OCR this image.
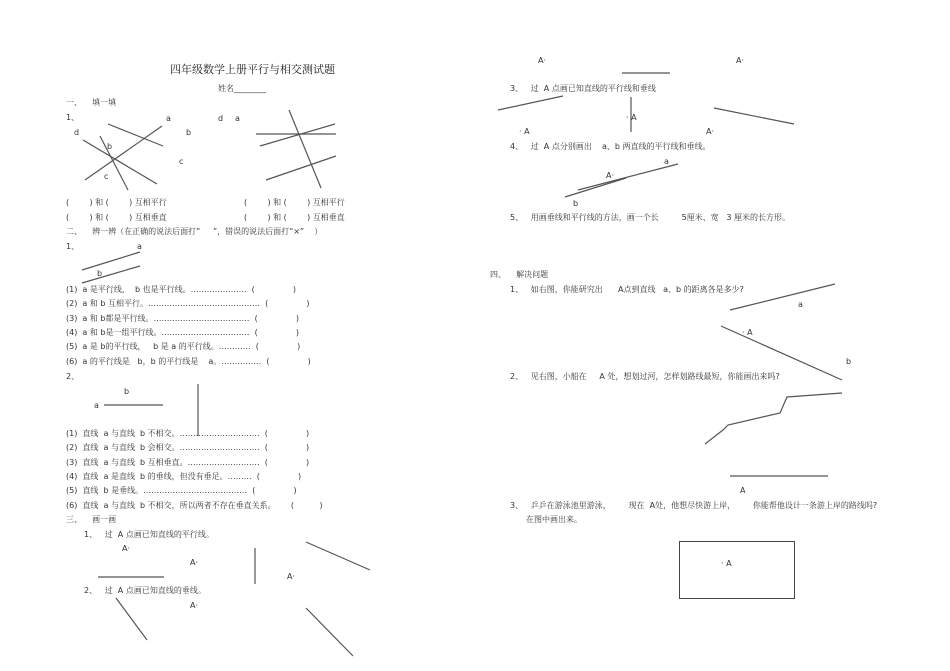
四年级数学上册平行与相交测试题
姓名________
一、    填一填
1、	a
d	b
b
c
c
d a
(        ) 和 (        ) 互相平行	(        ) 和 (        ) 互相平行
(        ) 和 (        ) 互相垂直	(        ) 和 (        ) 互相垂直
二、    辨一辨（在正确的说法后面打“     ”，错误的说法后面打“×”    ）
1、	a
b
(1)  a 是平行线，  b 也是平行线。…………………  (               )
(2)  a 和 b 互相平行。……………………………………  (               )
(3)  a 和 b都是平行线。………………………………  (               )
(4)  a 和 b是一组平行线。……………………………  (               )
(5)  a 是 b的平行线，   b 是 a 的平行线。…………  (               )
(6)  a 的平行线是   b，b 的平行线是    a。……………  (               )
2、
b
a
(1)  直线  a 与直线  b 不相交。…………………………  (               )
(2)  直线  a 与直线  b 会相交。…………………………  (               )
(3)  直线  a 与直线  b 互相垂直。………………………  (               )
(4)  直线  a 是直线  b 的垂线，但没有垂足。………  (               )
(5)  直线  b 是垂线。…………………………………  (               )
(6)  直线  a 与直线  b 不相交，所以两者不存在垂直关系。      (          )
三、    画一画
1、   过  A 点画已知直线的平行线。
A·
A·
A·
2、   过  A 点画已知直线的垂线。
A·
A·	A·
3、   过  A 点画已知直线的平行线和垂线
· A
· A	A·
4、   过  A 点分别画出    a、b 两直线的平行线和垂线。
a
A·
b
5、   用画垂线和平行线的方法，画一个长         5厘米、宽   3 厘米的长方形。
四、    解决问题
1、   如右图，你能研究出      A点到直线   a、b 的距离各是多少?
a
· A
b
2、   见右图，小船在     A 处，想划过河，怎样划路线最短，你能画出来吗?
A
3、   乒乒在游泳池里游泳，       现在  A处，他想尽快游上岸，       你能帮他设计一条游上岸的路线吗?
在图中画出来。
· A
